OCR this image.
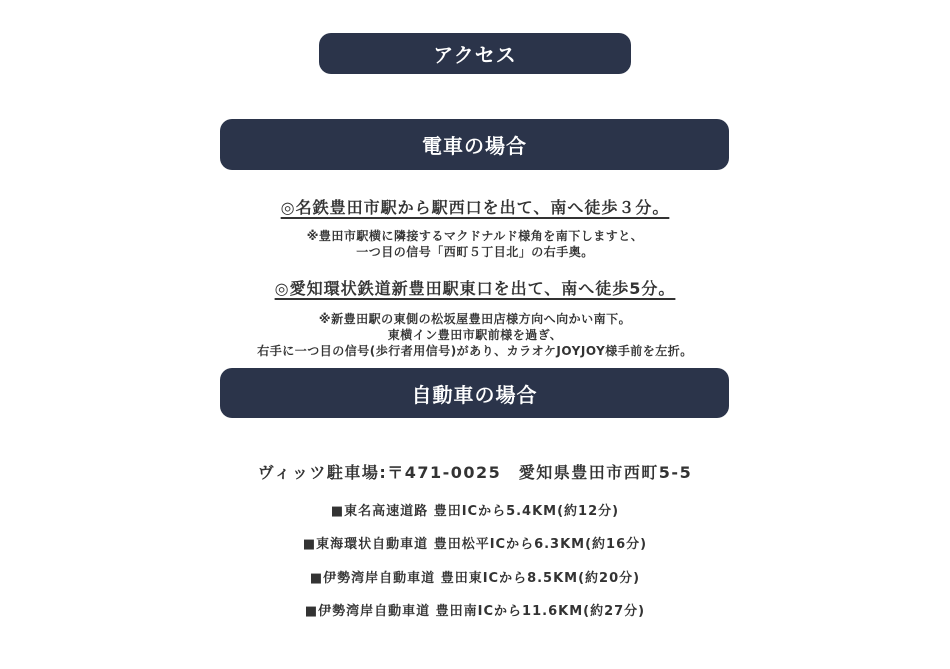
アクセス
電車の場合
◎名鉄豊田市駅から駅西口を出て、南へ徒歩３分。
※豊田市駅横に隣接するマクドナルド様角を南下しますと、
一つ目の信号「西町５丁目北」の右手奥。
◎愛知環状鉄道新豊田駅東口を出て、南へ徒歩5分。
※新豊田駅の東側の松坂屋豊田店様方向へ向かい南下。
東横イン豊田市駅前様を過ぎ、
右手に一つ目の信号(歩行者用信号)があり、カラオケJOYJOY様手前を左折。
自動車の場合
ヴィッツ駐車場:〒471-0025　愛知県豊田市西町5-5
■東名高速道路 豊田ICから5.4KM(約12分)
■東海環状自動車道 豊田松平ICから6.3KM(約16分)
■伊勢湾岸自動車道 豊田東ICから8.5KM(約20分)
■伊勢湾岸自動車道 豊田南ICから11.6KM(約27分)
